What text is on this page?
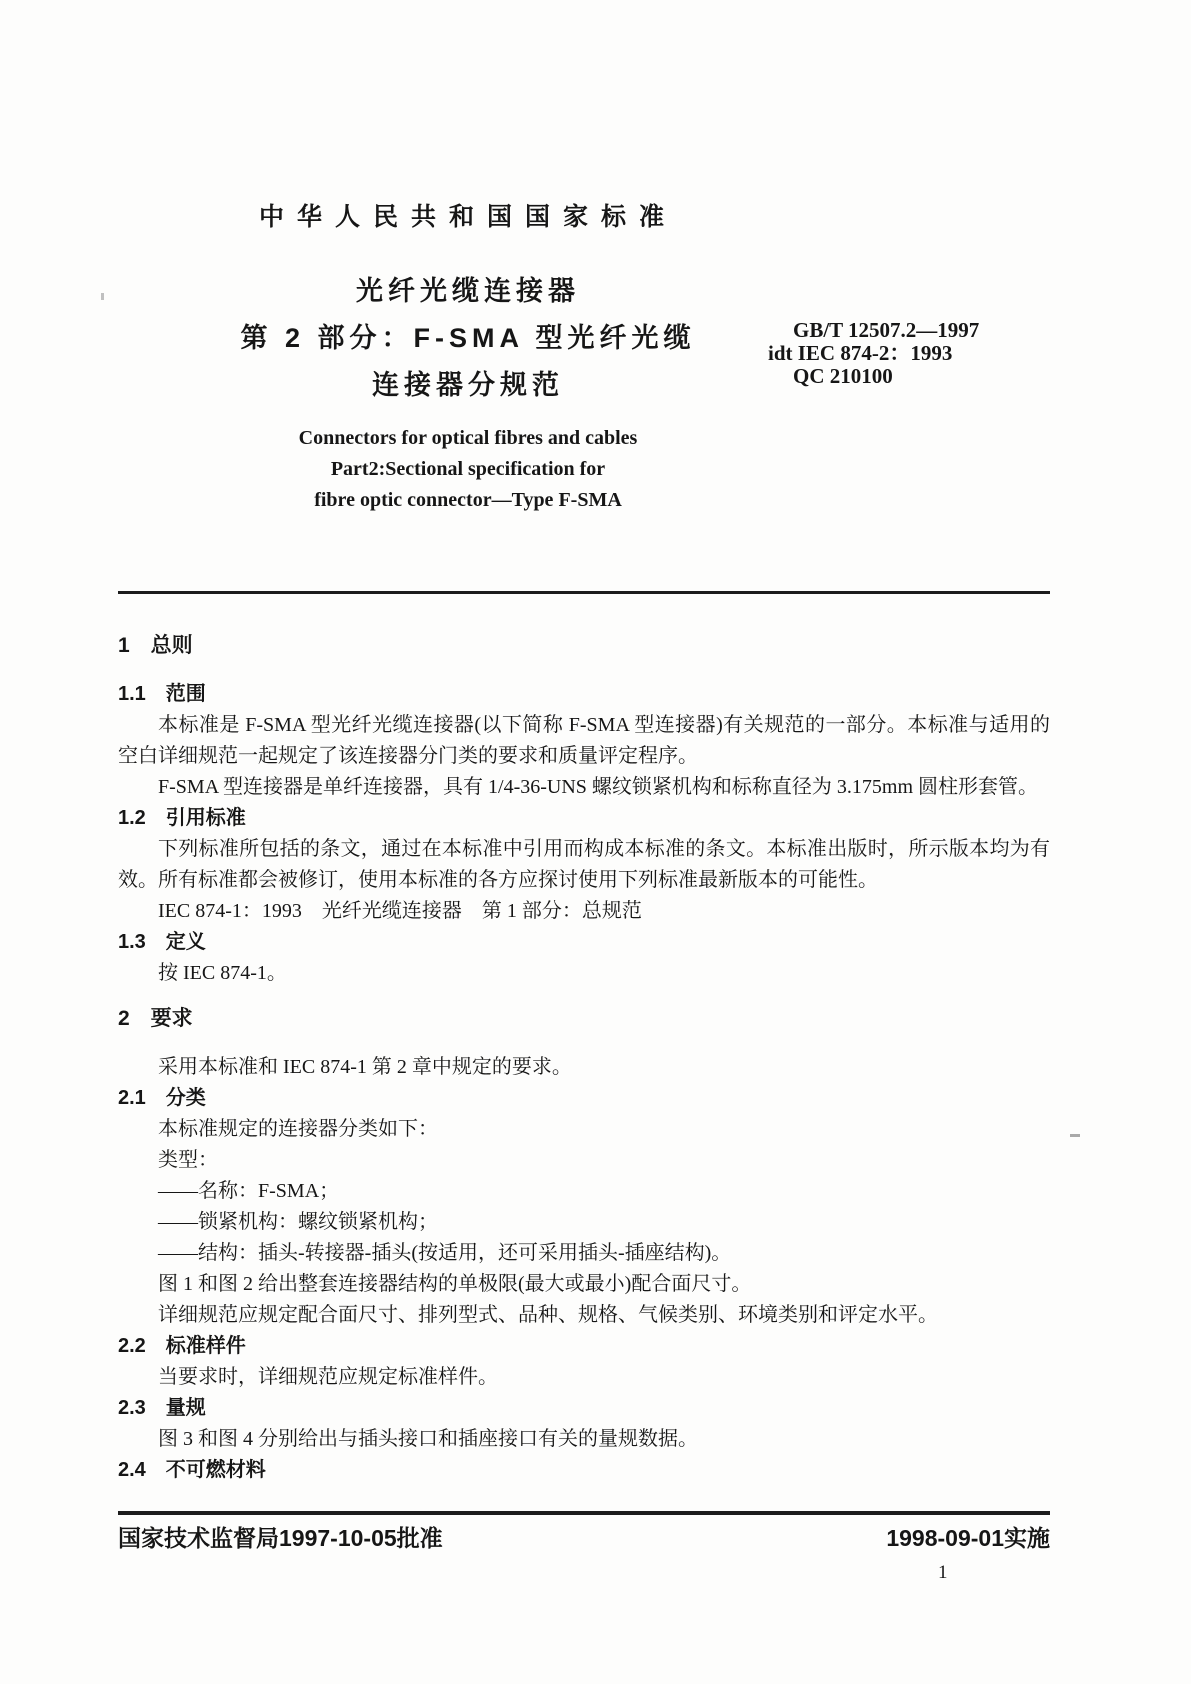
中华人民共和国国家标准
光纤光缆连接器
第 2 部分：F-SMA 型光纤光缆
连接器分规范
GB/T 12507.2—1997
idt IEC 874-2：1993
QC 210100
Connectors for optical fibres and cables
Part2:Sectional specification for
fibre optic connector—Type F-SMA
1　总则
1.1　范围

本标准是 F-SMA 型光纤光缆连接器(以下简称 F-SMA 型连接器)有关规范的一部分。本标准与适用的空白详细规范一起规定了该连接器分门类的要求和质量评定程序。

F-SMA 型连接器是单纤连接器，具有 1/4-36-UNS 螺纹锁紧机构和标称直径为 3.175mm 圆柱形套管。

1.2　引用标准

下列标准所包括的条文，通过在本标准中引用而构成本标准的条文。本标准出版时，所示版本均为有效。所有标准都会被修订，使用本标准的各方应探讨使用下列标准最新版本的可能性。

IEC 874-1：1993　光纤光缆连接器　第 1 部分：总规范

1.3　定义

按 IEC 874-1。

2　要求

采用本标准和 IEC 874-1 第 2 章中规定的要求。

2.1　分类

本标准规定的连接器分类如下：

类型：

——名称：F-SMA；

——锁紧机构：螺纹锁紧机构；

——结构：插头-转接器-插头(按适用，还可采用插头-插座结构)。

图 1 和图 2 给出整套连接器结构的单极限(最大或最小)配合面尺寸。

详细规范应规定配合面尺寸、排列型式、品种、规格、气候类别、环境类别和评定水平。

2.2　标准样件

当要求时，详细规范应规定标准样件。

2.3　量规

图 3 和图 4 分别给出与插头接口和插座接口有关的量规数据。

2.4　不可燃材料
国家技术监督局1997-10-05批准	1998-09-01实施
1
